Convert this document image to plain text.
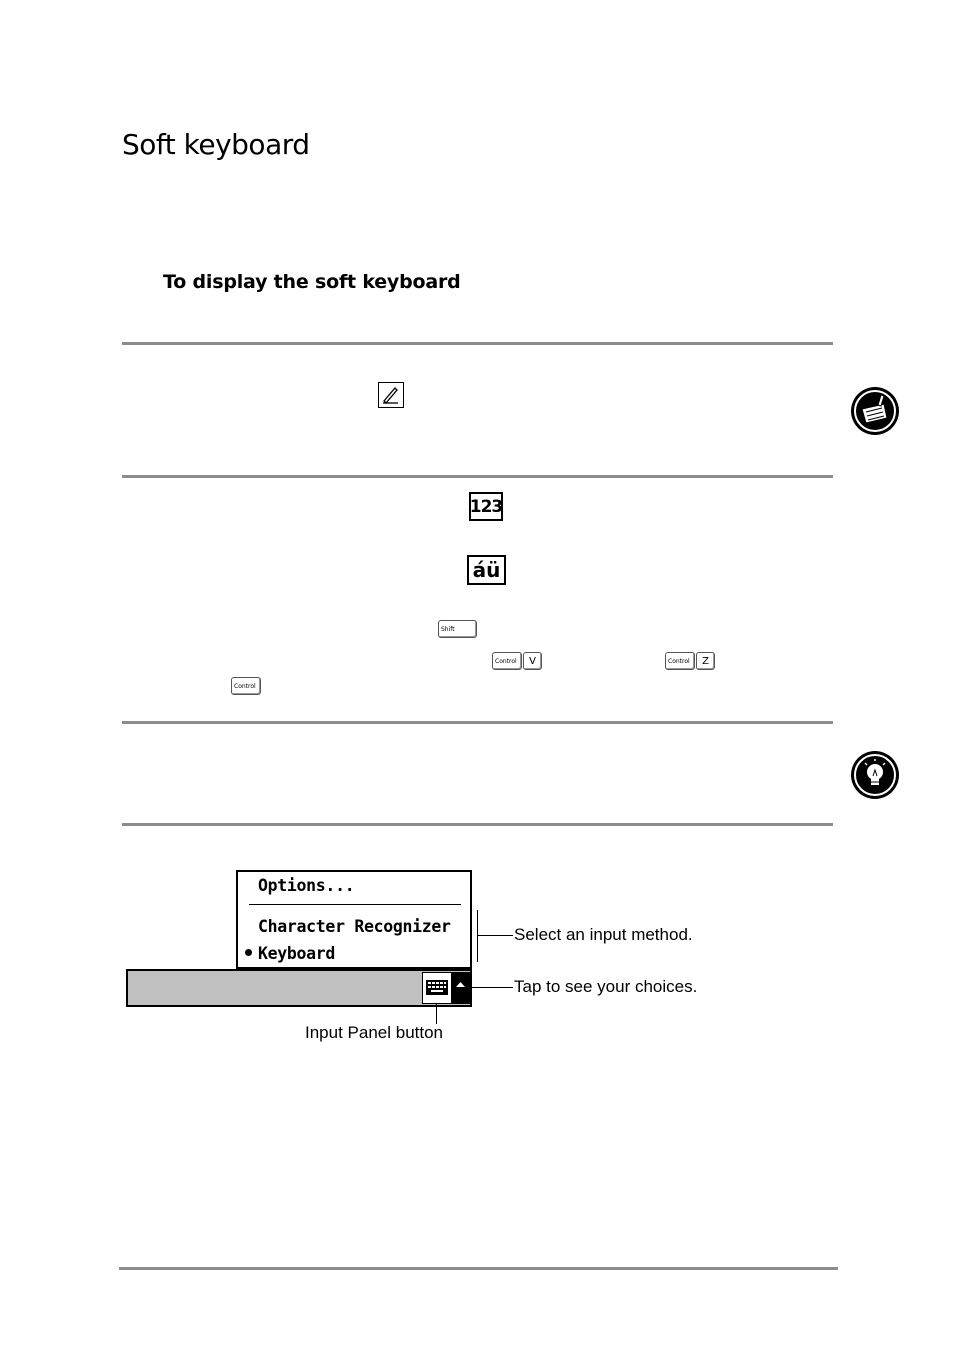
Soft keyboard
To display the soft keyboard
123
áü
Shift
Control	V	Control	Z
Control
Options...
Character Recognizer
Keyboard
Select an input method.
Tap to see your choices.
Input Panel button
